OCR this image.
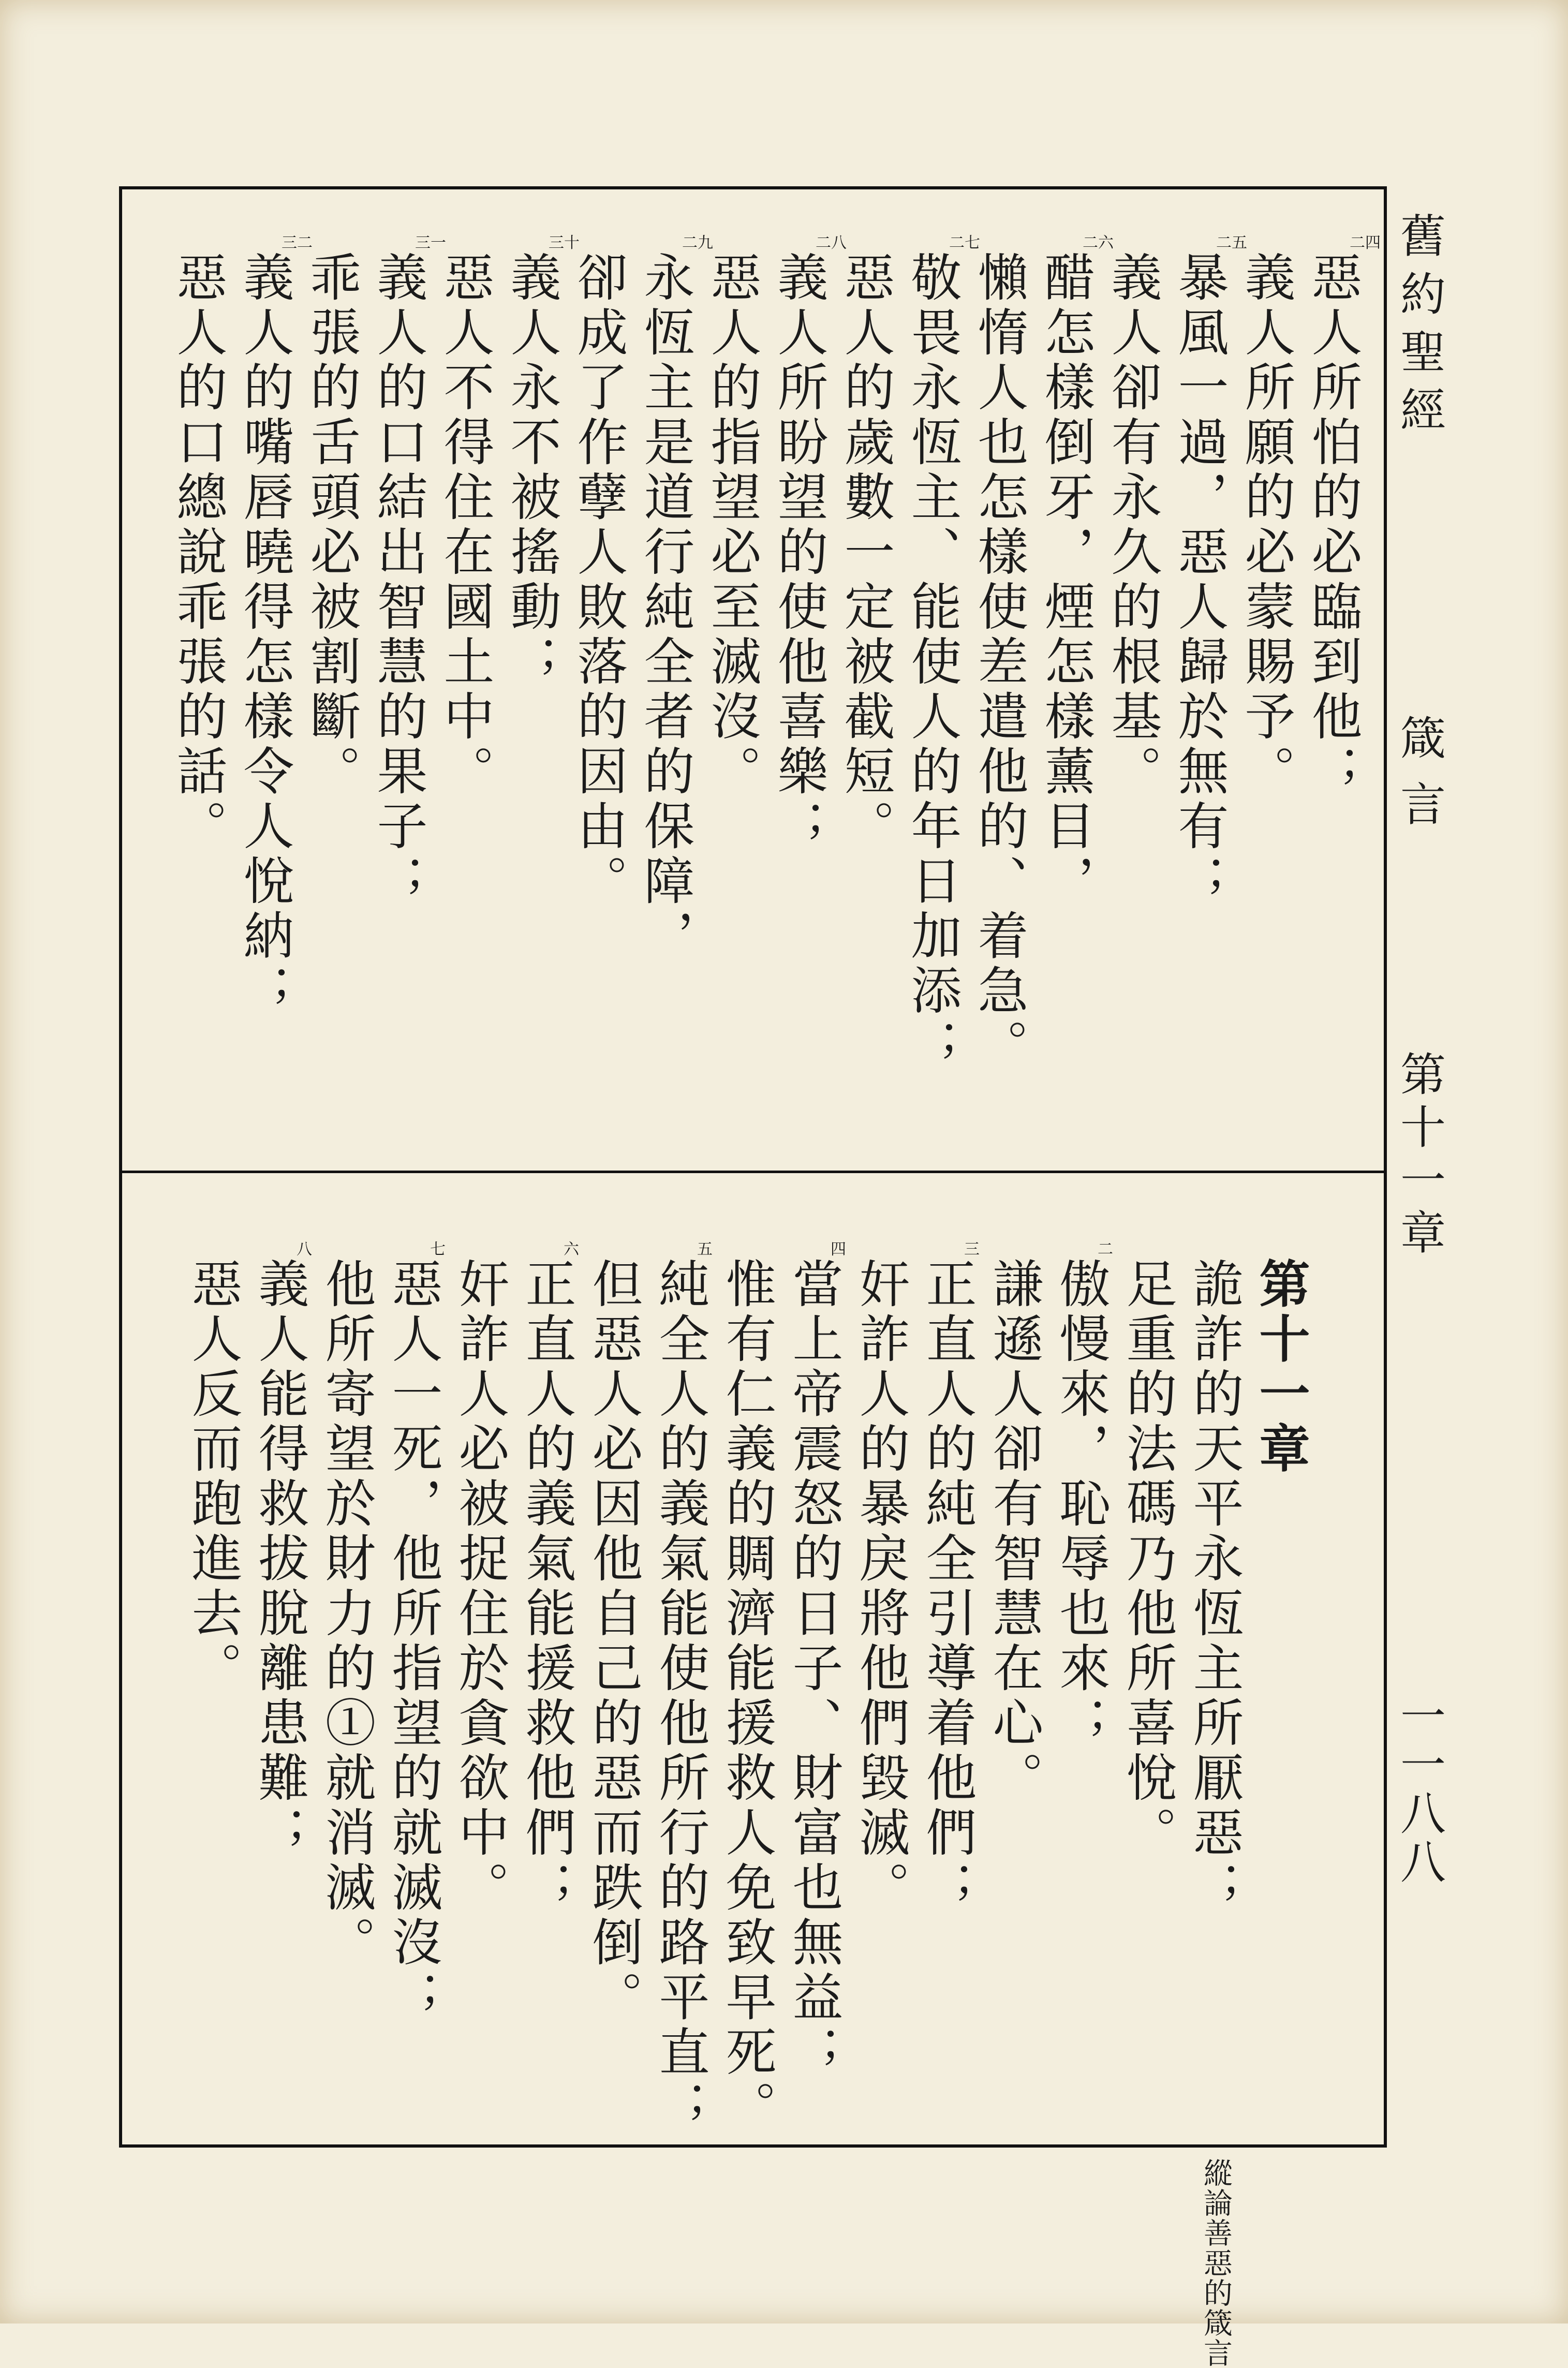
舊約聖經
箴言
第十一章
一一八八
縱論善惡的箴言
惡人所怕的必臨到他；
二四
義人所願的必蒙賜予。
暴風一過，惡人歸於無有；
二五
義人卻有永久的根基。
醋怎樣倒牙，煙怎樣薰目，
二六
懶惰人也怎樣使差遣他的、着急。
敬畏永恆主、能使人的年日加添；
二七
惡人的歲數一定被截短。
義人所盼望的使他喜樂；
二八
惡人的指望必至滅沒。
永恆主是道行純全者的保障，
二九
卻成了作孽人敗落的因由。
義人永不被搖動；
三十
惡人不得住在國土中。
義人的口結出智慧的果子；
三一
乖張的舌頭必被割斷。
義人的嘴唇曉得怎樣令人悅納；
三二
惡人的口總說乖張的話。
第十一章
詭詐的天平永恆主所厭惡；
足重的法碼乃他所喜悅。
傲慢來，恥辱也來；
二
謙遜人卻有智慧在心。
正直人的純全引導着他們；
三
奸詐人的暴戾將他們毀滅。
當上帝震怒的日子、財富也無益；
四
惟有仁義的賙濟能援救人免致早死。
純全人的義氣能使他所行的路平直；
五
但惡人必因他自己的惡而跌倒。
正直人的義氣能援救他們；
六
奸詐人必被捉住於貪欲中。
惡人一死，他所指望的就滅沒；
七
他所寄望於財力的①就消滅。
義人能得救拔脫離患難；
八
惡人反而跑進去。
